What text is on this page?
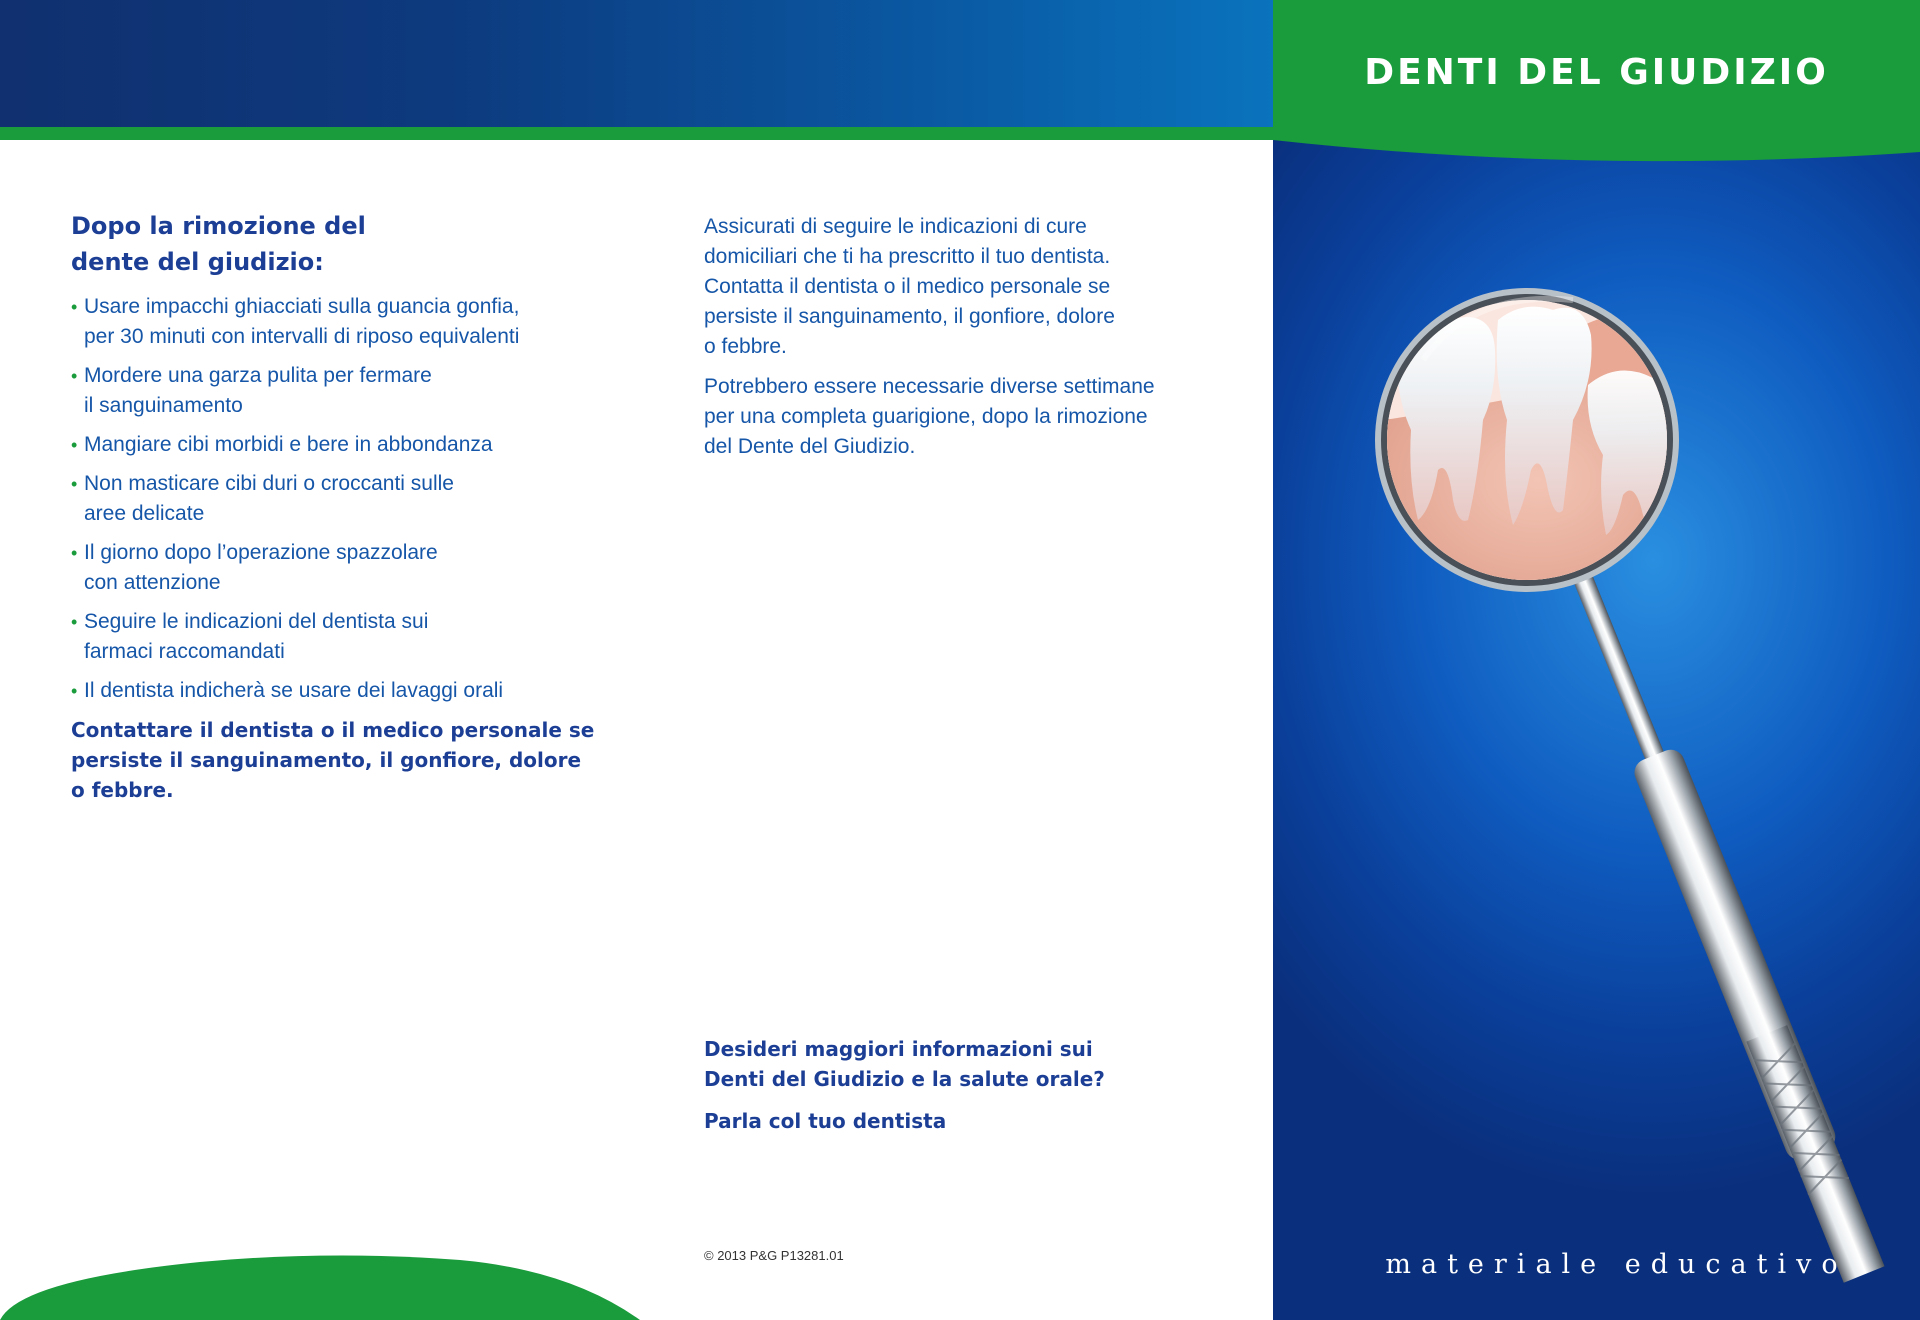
Dopo la rimozione del
dente del giudizio:
• Usare impacchi ghiacciati sulla guancia gonfia,
per 30 minuti con intervalli di riposo equivalenti
• Mordere una garza pulita per fermare
il sanguinamento
• Mangiare cibi morbidi e bere in abbondanza
• Non masticare cibi duri o croccanti sulle
aree delicate
• Il giorno dopo l’operazione spazzolare
con attenzione
• Seguire le indicazioni del dentista sui
farmaci raccomandati
• Il dentista indicherà se usare dei lavaggi orali

Contattare il dentista o il medico personale se
persiste il sanguinamento, il gonfiore, dolore
o febbre.

Assicurati di seguire le indicazioni di cure
domiciliari che ti ha prescritto il tuo dentista.
Contatta il dentista o il medico personale se
persiste il sanguinamento, il gonfiore, dolore
o febbre.

Potrebbero essere necessarie diverse settimane
per una completa guarigione, dopo la rimozione
del Dente del Giudizio.

Desideri maggiori informazioni sui
Denti del Giudizio e la salute orale?

Parla col tuo dentista

© 2013 P&G P13281.01
DENTI DEL GIUDIZIO
materiale educativo
